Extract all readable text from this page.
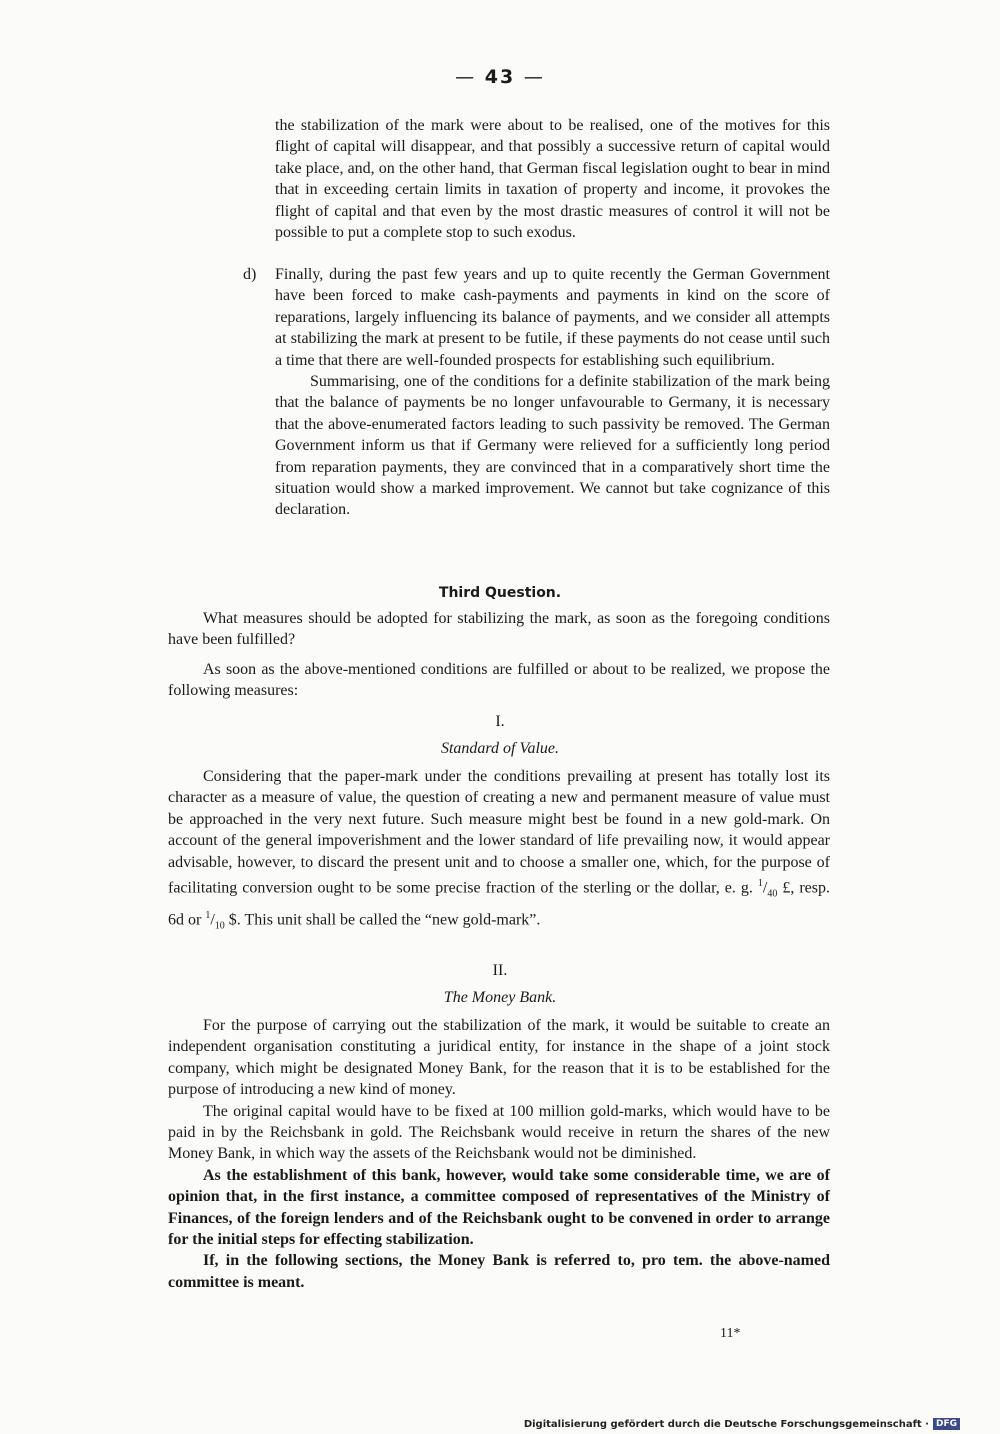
— 43 —

the stabilization of the mark were about to be realised, one of the motives for this flight of capital will disappear, and that possibly a successive return of capital would take place, and, on the other hand, that German fiscal legislation ought to bear in mind that in exceeding certain limits in taxation of property and income, it provokes the flight of capital and that even by the most drastic measures of control it will not be possible to put a complete stop to such exodus.

d)	Finally, during the past few years and up to quite recently the German Government have been forced to make cash-payments and payments in kind on the score of reparations, largely influencing its balance of payments, and we consider all attempts at stabilizing the mark at present to be futile, if these payments do not cease until such a time that there are well-founded prospects for establishing such equilibrium.

Summarising, one of the conditions for a definite stabilization of the mark being that the balance of payments be no longer unfavourable to Germany, it is necessary that the above-enumerated factors leading to such passivity be removed. The German Government inform us that if Germany were relieved for a sufficiently long period from reparation payments, they are convinced that in a comparatively short time the situation would show a marked improvement. We cannot but take cognizance of this declaration.

Third Question.

What measures should be adopted for stabilizing the mark, as soon as the foregoing conditions have been fulfilled?

As soon as the above-mentioned conditions are fulfilled or about to be realized, we propose the following measures:

I.
Standard of Value.

Considering that the paper-mark under the conditions prevailing at present has totally lost its character as a measure of value, the question of creating a new and permanent measure of value must be approached in the very next future. Such measure might best be found in a new gold-mark. On account of the general impoverishment and the lower standard of life prevailing now, it would appear advisable, however, to discard the present unit and to choose a smaller one, which, for the purpose of facilitating conversion ought to be some precise fraction of the sterling or the dollar, e. g. $^1/_{40}$ £, resp. 6d or $^1/_{10}$ $. This unit shall be called the “new gold-mark”.

II.
The Money Bank.

For the purpose of carrying out the stabilization of the mark, it would be suitable to create an independent organisation constituting a juridical entity, for instance in the shape of a joint stock company, which might be designated Money Bank, for the reason that it is to be established for the purpose of introducing a new kind of money.

The original capital would have to be fixed at 100 million gold-marks, which would have to be paid in by the Reichsbank in gold. The Reichsbank would receive in return the shares of the new Money Bank, in which way the assets of the Reichsbank would not be diminished.

As the establishment of this bank, however, would take some considerable time, we are of opinion that, in the first instance, a committee composed of representatives of the Ministry of Finances, of the foreign lenders and of the Reichsbank ought to be convened in order to arrange for the initial steps for effecting stabilization.

If, in the following sections, the Money Bank is referred to, pro tem. the above-named committee is meant.

11*
Digitalisierung gefördert durch die Deutsche Forschungsgemeinschaft · DFG
